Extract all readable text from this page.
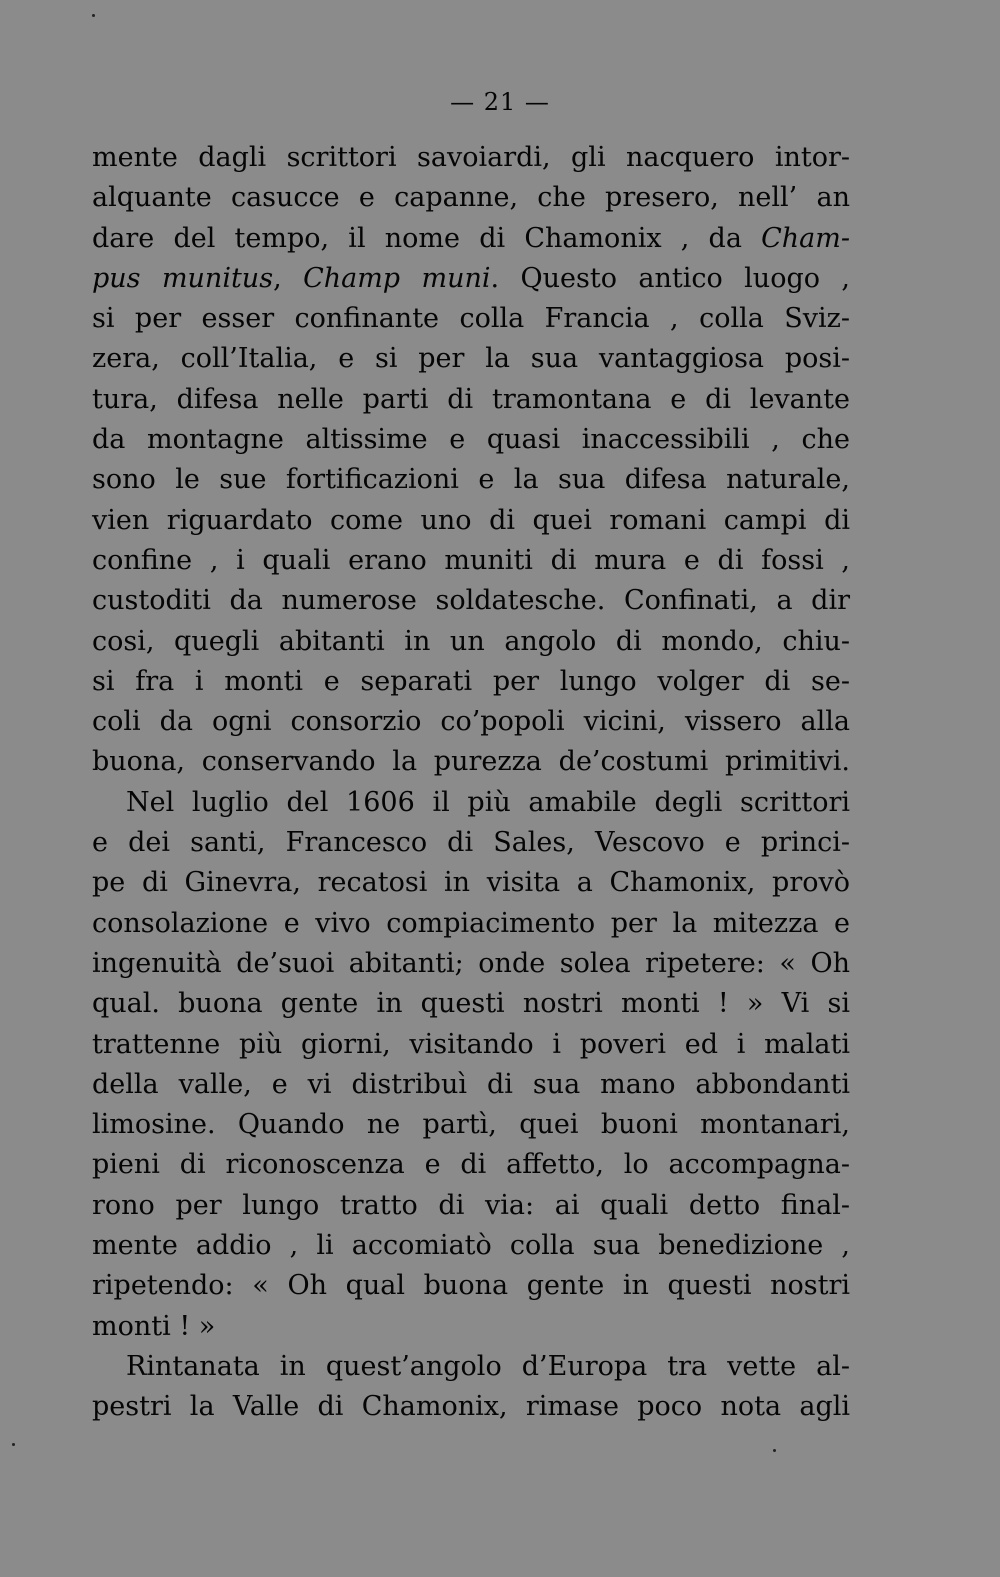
— 21 —
mente dagli scrittori savoiardi, gli nacquero intor-
alquante casucce e capanne, che presero, nell’ an
dare del tempo, il nome di Chamonix , da Cham-
pus munitus, Champ muni. Questo antico luogo ,
si per esser confinante colla Francia , colla Sviz-
zera, coll’Italia, e si per la sua vantaggiosa posi-
tura, difesa nelle parti di tramontana e di levante
da montagne altissime e quasi inaccessibili , che
sono le sue fortificazioni e la sua difesa naturale,
vien riguardato come uno di quei romani campi di
confine , i quali erano muniti di mura e di fossi ,
custoditi da numerose soldatesche. Confinati, a dir
cosi, quegli abitanti in un angolo di mondo, chiu-
si fra i monti e separati per lungo volger di se-
coli da ogni consorzio co’popoli vicini, vissero alla
buona, conservando la purezza de’costumi primitivi.
Nel luglio del 1606 il più amabile degli scrittori
e dei santi, Francesco di Sales, Vescovo e princi-
pe di Ginevra, recatosi in visita a Chamonix, provò
consolazione e vivo compiacimento per la mitezza e
ingenuità de’suoi abitanti; onde solea ripetere: « Oh
qual. buona gente in questi nostri monti ! » Vi si
trattenne più giorni, visitando i poveri ed i malati
della valle, e vi distribuì di sua mano abbondanti
limosine. Quando ne partì, quei buoni montanari,
pieni di riconoscenza e di affetto, lo accompagna-
rono per lungo tratto di via: ai quali detto final-
mente addio , li accomiatò colla sua benedizione ,
ripetendo: « Oh qual buona gente in questi nostri
monti ! »
Rintanata in quest’angolo d’Europa tra vette al-
pestri la Valle di Chamonix, rimase poco nota agli
